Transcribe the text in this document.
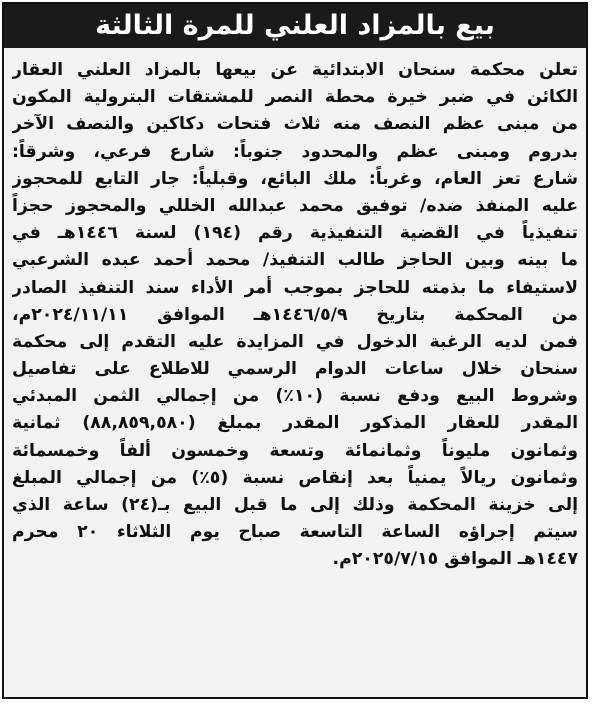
بيع بالمزاد العلني للمرة الثالثة
تعلن محكمة سنحان الابتدائية عن بيعها بالمزاد العلني العقار
الكائن في ضبر خيرة محطة النصر للمشتقات البترولية المكون
من مبنى عظم النصف منه ثلاث فتحات دكاكين والنصف الآخر
بدروم ومبنى عظم والمحدود جنوباً: شارع فرعي، وشرقاً:
شارع تعز العام، وغرباً: ملك البائع، وقبلياً: جار التابع للمحجوز
عليه المنفذ ضده/ توفيق محمد عبدالله الخللي والمحجوز حجزاً
تنفيذياً في القضية التنفيذية رقم (١٩٤) لسنة ١٤٤٦هـ في
ما بينه وبين الحاجز طالب التنفيذ/ محمد أحمد عبده الشرعبي
لاستيفاء ما بذمته للحاجز بموجب أمر الأداء سند التنفيذ الصادر
من المحكمة بتاريخ ١٤٤٦/٥/٩هـ الموافق ٢٠٢٤/١١/١١م،
فمن لديه الرغبة الدخول في المزايدة عليه التقدم إلى محكمة
سنحان خلال ساعات الدوام الرسمي للاطلاع على تفاصيل
وشروط البيع ودفع نسبة (١٠٪) من إجمالي الثمن المبدئي
المقدر للعقار المذكور المقدر بمبلغ (٨٨,٨٥٩,٥٨٠) ثمانية
وثمانون مليوناً وثمانمائة وتسعة وخمسون ألفاً وخمسمائة
وثمانون ريالاً يمنياً بعد إنقاص نسبة (٥٪) من إجمالي المبلغ
إلى خزينة المحكمة وذلك إلى ما قبل البيع بـ(٢٤) ساعة الذي
سيتم إجراؤه الساعة التاسعة صباح يوم الثلاثاء ٢٠ محرم
١٤٤٧هـ الموافق ٢٠٢٥/٧/١٥م.
